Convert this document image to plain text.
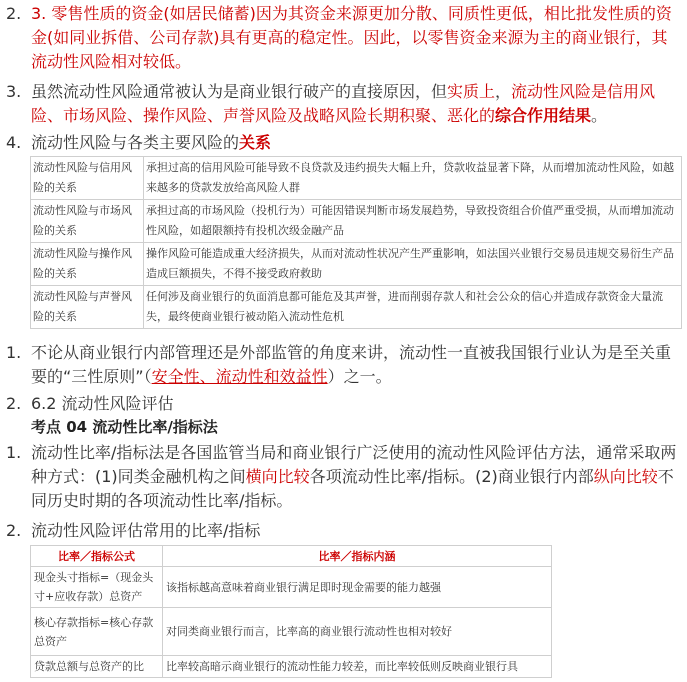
2. 3. 零售性质的资金(如居民储蓄)因为其资金来源更加分散、同质性更低，相比批发性质的资金(如同业拆借、公司存款)具有更高的稳定性。因此，以零售资金来源为主的商业银行，其流动性风险相对较低。
3. 虽然流动性风险通常被认为是商业银行破产的直接原因，但实质上，流动性风险是信用风险、市场风险、操作风险、声誉风险及战略风险长期积聚、恶化的综合作用结果。
4. 流动性风险与各类主要风险的关系
流动性风险与信用风险的关系	承担过高的信用风险可能导致不良贷款及违约损失大幅上升，贷款收益显著下降，从而增加流动性风险，如越来越多的贷款发放给高风险人群
流动性风险与市场风险的关系	承担过高的市场风险（投机行为）可能因错误判断市场发展趋势，导致投资组合价值严重受损，从而增加流动性风险，如超限额持有投机次级金融产品
流动性风险与操作风险的关系	操作风险可能造成重大经济损失，从而对流动性状况产生严重影响，如法国兴业银行交易员违规交易衍生产品造成巨额损失，不得不接受政府救助
流动性风险与声誉风险的关系	任何涉及商业银行的负面消息都可能危及其声誉，进而削弱存款人和社会公众的信心并造成存款资金大量流失，最终使商业银行被动陷入流动性危机
1. 不论从商业银行内部管理还是外部监管的角度来讲，流动性一直被我国银行业认为是至关重要的“三性原则”（安全性、流动性和效益性）之一。
2. 6.2 流动性风险评估
考点 04 流动性比率/指标法
1. 流动性比率/指标法是各国监管当局和商业银行广泛使用的流动性风险评估方法，通常采取两种方式：(1)同类金融机构之间横向比较各项流动性比率/指标。(2)商业银行内部纵向比较不同历史时期的各项流动性比率/指标。
2. 流动性风险评估常用的比率/指标
比率／指标公式	比率／指标内涵
现金头寸指标=（现金头寸+应收存款）总资产	该指标越高意味着商业银行满足即时现金需要的能力越强
核心存款指标=核心存款总资产	对同类商业银行而言，比率高的商业银行流动性也相对较好
贷款总额与总资产的比	比率较高暗示商业银行的流动性能力较差，而比率较低则反映商业银行具
